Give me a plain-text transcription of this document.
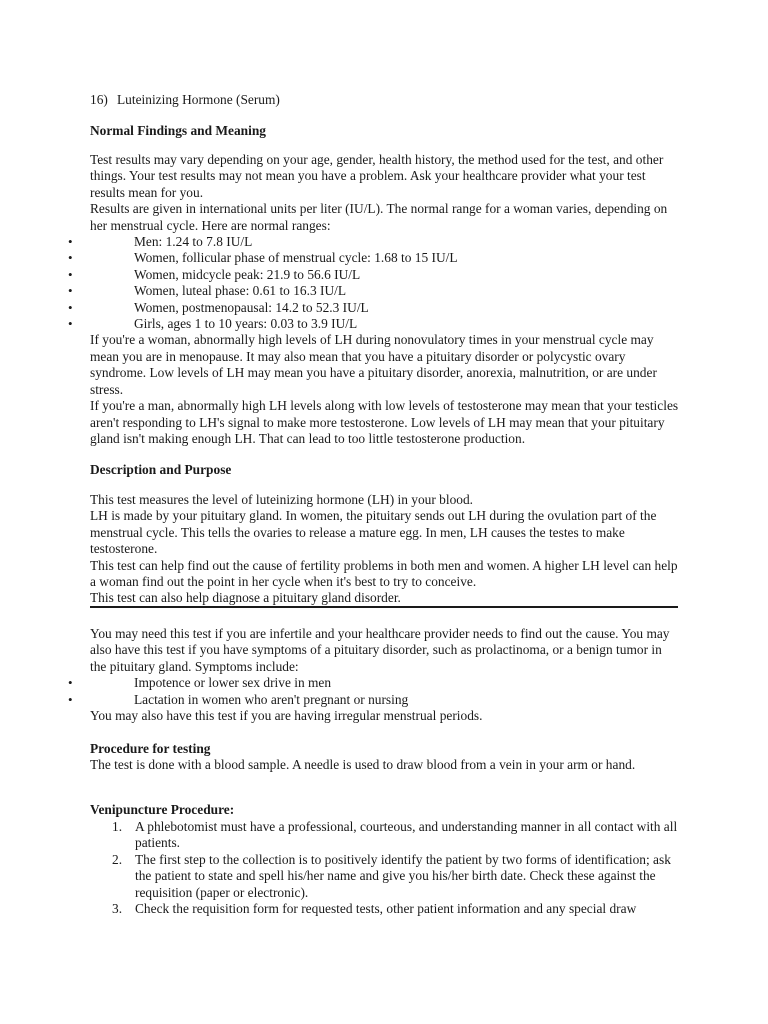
16) Luteinizing Hormone (Serum)
Normal Findings and Meaning

Test results may vary depending on your age, gender, health history, the method used for the test, and other things. Your test results may not mean you have a problem. Ask your healthcare provider what your test results mean for you.

Results are given in international units per liter (IU/L). The normal range for a woman varies, depending on her menstrual cycle. Here are normal ranges:

• Men: 1.24 to 7.8 IU/L
• Women, follicular phase of menstrual cycle: 1.68 to 15 IU/L
• Women, midcycle peak: 21.9 to 56.6 IU/L
• Women, luteal phase: 0.61 to 16.3 IU/L
• Women, postmenopausal: 14.2 to 52.3 IU/L
• Girls, ages 1 to 10 years: 0.03 to 3.9 IU/L

If you're a woman, abnormally high levels of LH during nonovulatory times in your menstrual cycle may mean you are in menopause. It may also mean that you have a pituitary disorder or polycystic ovary syndrome. Low levels of LH may mean you have a pituitary disorder, anorexia, malnutrition, or are under stress.

If you're a man, abnormally high LH levels along with low levels of testosterone may mean that your testicles aren't responding to LH's signal to make more testosterone. Low levels of LH may mean that your pituitary gland isn't making enough LH. That can lead to too little testosterone production.

Description and Purpose

This test measures the level of luteinizing hormone (LH) in your blood.

LH is made by your pituitary gland. In women, the pituitary sends out LH during the ovulation part of the menstrual cycle. This tells the ovaries to release a mature egg. In men, LH causes the testes to make testosterone.

This test can help find out the cause of fertility problems in both men and women. A higher LH level can help a woman find out the point in her cycle when it's best to try to conceive.

This test can also help diagnose a pituitary gland disorder.

You may need this test if you are infertile and your healthcare provider needs to find out the cause. You may also have this test if you have symptoms of a pituitary disorder, such as prolactinoma, or a benign tumor in the pituitary gland. Symptoms include:

• Impotence or lower sex drive in men
• Lactation in women who aren't pregnant or nursing

You may also have this test if you are having irregular menstrual periods.

Procedure for testing
The test is done with a blood sample. A needle is used to draw blood from a vein in your arm or hand.
Venipuncture Procedure:
1. A phlebotomist must have a professional, courteous, and understanding manner in all contact with all patients.
2. The first step to the collection is to positively identify the patient by two forms of identification; ask the patient to state and spell his/her name and give you his/her birth date. Check these against the requisition (paper or electronic).
3. Check the requisition form for requested tests, other patient information and any special draw
